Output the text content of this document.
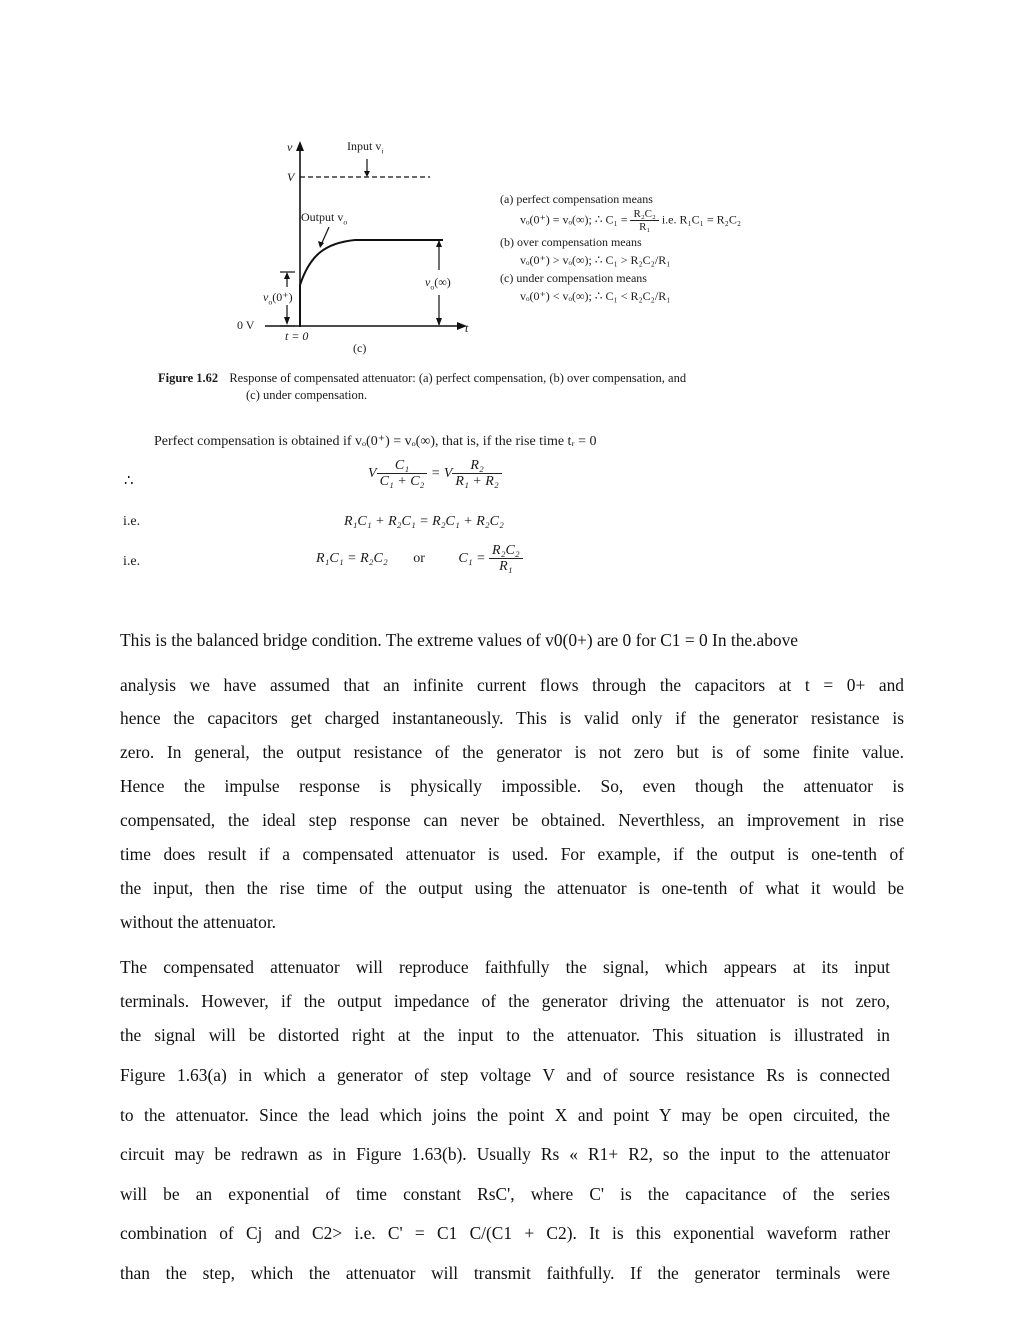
v	Input $v_i$
V
Output $v_o$
$v_o(0^+)$
$v_o(\infty)$
0 V
t = 0
t
(c)
(a) perfect compensation means
vₒ(0⁺) = vₒ(∞); ∴ $C_1 = \frac{\text{R₂C₂}}{\text{R₁}} i.e$. R₁C₁ = R₂C₂
(b) over compensation means
vₒ(0⁺) > vₒ(∞); ∴ C₁ > R₂C₂/R₁
(c) under compensation means
vₒ(0⁺) < vₒ(∞); ∴ C₁ < R₂C₂/R₁
Figure 1.62 Response of compensated attenuator: (a) perfect compensation, (b) over compensation, and
(c) under compensation.
Perfect compensation is obtained if vₒ(0⁺) = vₒ(∞), that is, if the rise time tᵣ = 0
∴	V $\frac{\text{C₁}}{\text{C₁ + C₂}} = V \frac{\text{R₂}}{\text{R₁ + R₂}}$
i.e.	R₁C₁ + R₂C₁ = R₂C₁ + R₂C₂
i.e.	R₁C₁ = R₂C₂ or $C_1 = \frac{\text{R₂C₂}}{\text{R₁}}$
This is the balanced bridge condition. The extreme values of v0(0+) are 0 for C1 = 0 In the.above
analysis we have assumed that an infinite current flows through the capacitors at t = 0+ and
hence the capacitors get charged instantaneously. This is valid only if the generator resistance is
zero. In general, the output resistance of the generator is not zero but is of some finite value.
Hence the impulse response is physically impossible. So, even though the attenuator is
compensated, the ideal step response can never be obtained. Neverthless, an improvement in rise
time does result if a compensated attenuator is used. For example, if the output is one-tenth of
the input, then the rise time of the output using the attenuator is one-tenth of what it would be
without the attenuator.
The compensated attenuator will reproduce faithfully the signal, which appears at its input
terminals. However, if the output impedance of the generator driving the attenuator is not zero,
the signal will be distorted right at the input to the attenuator. This situation is illustrated in
Figure 1.63(a) in which a generator of step voltage V and of source resistance Rs is connected
to the attenuator. Since the lead which joins the point X and point Y may be open circuited, the
circuit may be redrawn as in Figure 1.63(b). Usually Rs « R1+ R2, so the input to the attenuator
will be an exponential of time constant RsC', where C' is the capacitance of the series
combination of Cj and C2> i.e. C' = C1 C/(C1 + C2). It is this exponential waveform rather
than the step, which the attenuator will transmit faithfully. If the generator terminals were
